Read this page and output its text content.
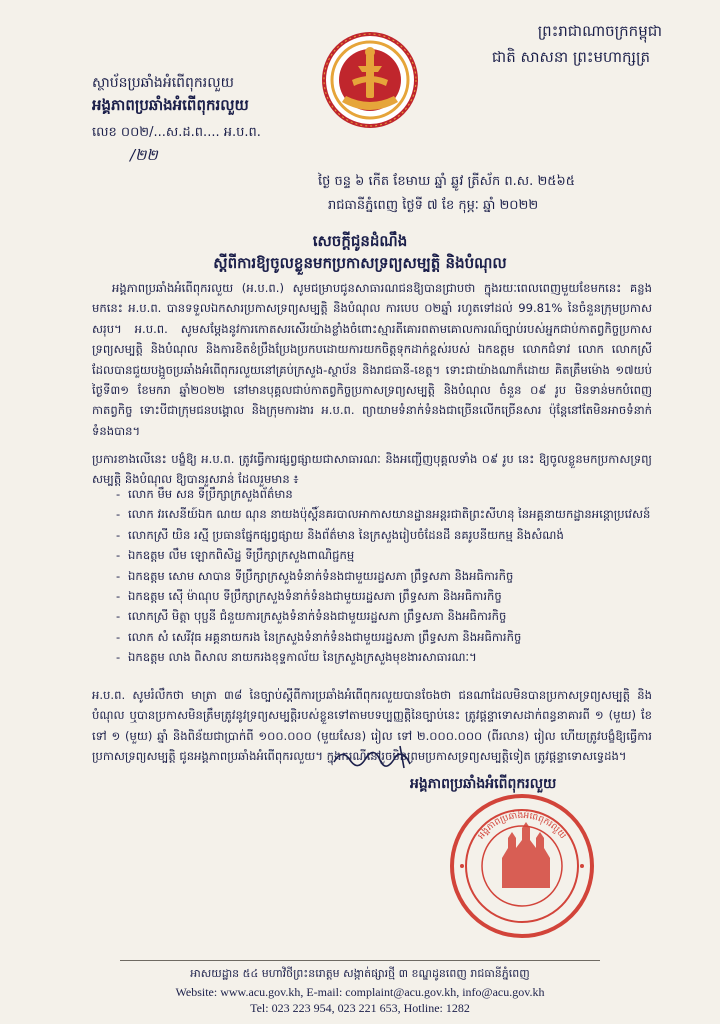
ព្រះរាជាណាចក្រកម្ពុជា
ជាតិ សាសនា ព្រះមហាក្សត្រ
ស្ថាប័នប្រឆាំងអំពើពុករលួយ
អង្គភាពប្រឆាំងអំពើពុករលួយ
លេខ ០០២/...ស.ដ.ព.... អ.ប.ព.
/២២
ថ្ងៃ ចន្ទ ៦ កើត ខែមាឃ ឆ្នាំ ឆ្លូវ ត្រីស័ក ព.ស. ២៥៦៥
រាជធានីភ្នំពេញ ថ្ងៃទី ៧ ខែ កុម្ភៈ ឆ្នាំ ២០២២
សេចក្ដីជូនដំណឹង
ស្ដីពីការឱ្យចូលខ្លួនមកប្រកាសទ្រព្យសម្បត្តិ និងបំណុល
អង្គភាពប្រឆាំងអំពើពុករលួយ (អ.ប.ព.) សូមជម្រាបជូនសាធារណជនឱ្យបានជ្រាបថា ក្នុងរយៈពេលពេញមួយខែមកនេះ គន្លងមកនេះ អ.ប.ព. បានទទួលឯកសារប្រកាសទ្រព្យសម្បត្តិ និងបំណុល ការបេប ០២ឆ្នាំ រហូតទៅដល់ 99.81% នៃចំនួនក្រុមប្រកាសសរុប។ អ.ប.ព. សូមសម្ដែងនូវការកោតសរសើរយ៉ាងខ្លាំងចំពោះស្មារតីគោរពតាមគោលការណ៍ច្បាប់របស់អ្នកជាប់កាតព្វកិច្ចប្រកាសទ្រព្យសម្បត្តិ និងបំណុល និងការខិតខំប្រឹងប្រែងប្រកបដោយការយកចិត្តទុកដាក់ខ្ពស់របស់ ឯកឧត្តម លោកជំទាវ លោក លោកស្រី ដែលបានជួយបង្អួចប្រឆាំងអំពើពុករលួយនៅគ្រប់ក្រសួង-ស្ថាប័ន និងរាជធានី-ខេត្ត។ ទោះជាយ៉ាងណាក៏ដោយ គិតត្រឹមម៉ោង ១៧យប់ ថ្ងៃទី៣១ ខែមករា ឆ្នាំ២០២២ នៅមានបុគ្គលជាប់កាតព្វកិច្ចប្រកាសទ្រព្យសម្បត្តិ និងបំណុល ចំនួន ០៩ រូប មិនទាន់មកបំពេញកាតព្វកិច្ច ទោះបីជាក្រុមជនបង្គោល និងក្រុមការងារ អ.ប.ព. ព្យាយាមទំនាក់ទំនងជាច្រើនលើកច្រើនសារ ប៉ុន្តែនៅតែមិនអាចទំនាក់ទំនងបាន។
ប្រការខាងលើនេះ បង្ខំឱ្យ អ.ប.ព. ត្រូវធ្វើការផ្សព្វផ្សាយជាសាធារណៈ និងអញ្ជើញបុគ្គលទាំង ០៩ រូប នេះ ឱ្យចូលខ្លួនមកប្រកាសទ្រព្យសម្បត្តិ និងបំណុល ឱ្យបានរួសរាន់ ដែលរួមមាន ៖
- លោក មឹម សន ទីប្រឹក្សាក្រសួងព័ត៌មាន
- លោក វរសេនីយ៍ឯក ណយ ណុន នាយងប៉ុស្តិ៍នគរបាលអាកាសយានដ្ឋានអន្តរជាតិព្រះសីហនុ នៃអគ្គនាយកដ្ឋានអន្តោប្រវេសន៍
- លោកស្រី យិន រស្មី ប្រធានផ្នែកផ្សព្វផ្សាយ និងព័ត៌មាន នៃក្រសួងរៀបចំដែនដី នគរូបនីយកម្ម និងសំណង់
- ឯកឧត្តម លឹម ឡោកពិសិដ្ឋ ទីប្រឹក្សាក្រសួងពាណិជ្ជកម្ម
- ឯកឧត្តម សោម សាបាន ទីប្រឹក្សាក្រសួងទំនាក់ទំនងជាមួយរដ្ឋសភា ព្រឹទ្ធសភា និងអធិការកិច្ច
- ឯកឧត្តម ស៊ើ ម៉ាណុប ទីប្រឹក្សាក្រសួងទំនាក់ទំនងជាមួយរដ្ឋសភា ព្រឹទ្ធសភា និងអធិការកិច្ច
- លោកស្រី មិត្តា បុប្ផនី ជំនួយការក្រសួងទំនាក់ទំនងជាមួយរដ្ឋសភា ព្រឹទ្ធសភា និងអធិការកិច្ច
- លោក សំ សេរីវុធ អគ្គនាយករង នៃក្រសួងទំនាក់ទំនងជាមួយរដ្ឋសភា ព្រឹទ្ធសភា និងអធិការកិច្ច
- ឯកឧត្តម លាង ពិសាល នាយករងខុទ្ទកាល័យ នៃក្រសួងក្រសួងមុខងារសាធារណៈ។
អ.ប.ព. សូមរំលឹកថា មាត្រា ៣៨ នៃច្បាប់ស្ដីពីការប្រឆាំងអំពើពុករលួយបានចែងថា ជនណាដែលមិនបានប្រកាសទ្រព្យសម្បត្តិ និងបំណុល ឬបានប្រកាសមិនត្រឹមត្រូវនូវទ្រព្យសម្បត្តិរបស់ខ្លួនទៅតាមបទប្បញ្ញត្តិនៃច្បាប់នេះ ត្រូវផ្តន្ទាទោសដាក់ពន្ធនាគារពី ១ (មួយ) ខែ ទៅ ១ (មួយ) ឆ្នាំ និងពិន័យជាប្រាក់ពី ១០០.០០០ (មួយសែន) រៀល ទៅ ២.០០០.០០០ (ពីរលាន) រៀល ហើយត្រូវបង្ខំឱ្យធ្វើការប្រកាសទ្រព្យសម្បត្តិ ជូនអង្គភាពប្រឆាំងអំពើពុករលួយ។ ក្នុងករណីនៅរួចមិនព្រមប្រកាសទ្រព្យសម្បត្តិទៀត ត្រូវផ្តន្ទាទោសទ្វេដង។
អង្គភាពប្រឆាំងអំពើពុករលួយ
អង្គភាពប្រឆាំងអំពើពុករលួយ
អាសយដ្ឋាន ៥៤ មហាវិថីព្រះនរោត្តម សង្កាត់ផ្សារថ្មី ៣ ខណ្ឌដូនពេញ រាជធានីភ្នំពេញ
Website: www.acu.gov.kh, E-mail: complaint@acu.gov.kh, info@acu.gov.kh
Tel: 023 223 954, 023 221 653, Hotline: 1282
